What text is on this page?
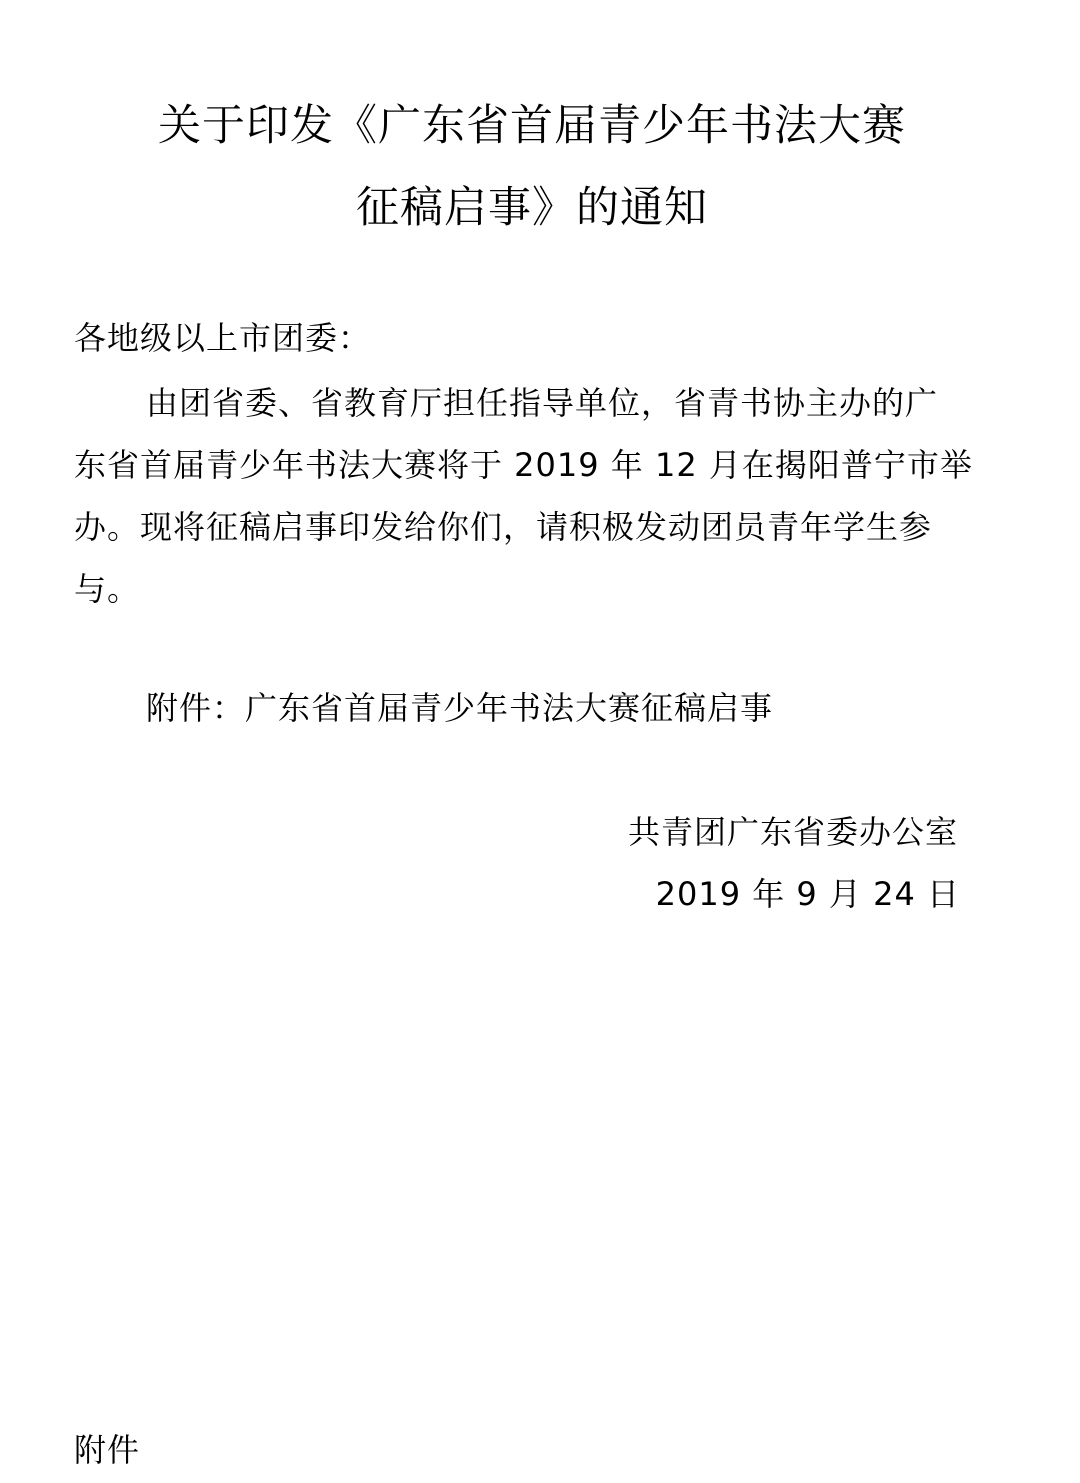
关于印发《广东省首届青少年书法大赛
征稿启事》的通知
各地级以上市团委：
由团省委、省教育厅担任指导单位，省青书协主办的广
东省首届青少年书法大赛将于 2019 年 12 月在揭阳普宁市举
办。现将征稿启事印发给你们，请积极发动团员青年学生参
与。
附件：广东省首届青少年书法大赛征稿启事
共青团广东省委办公室
2019 年 9 月 24 日
附件
